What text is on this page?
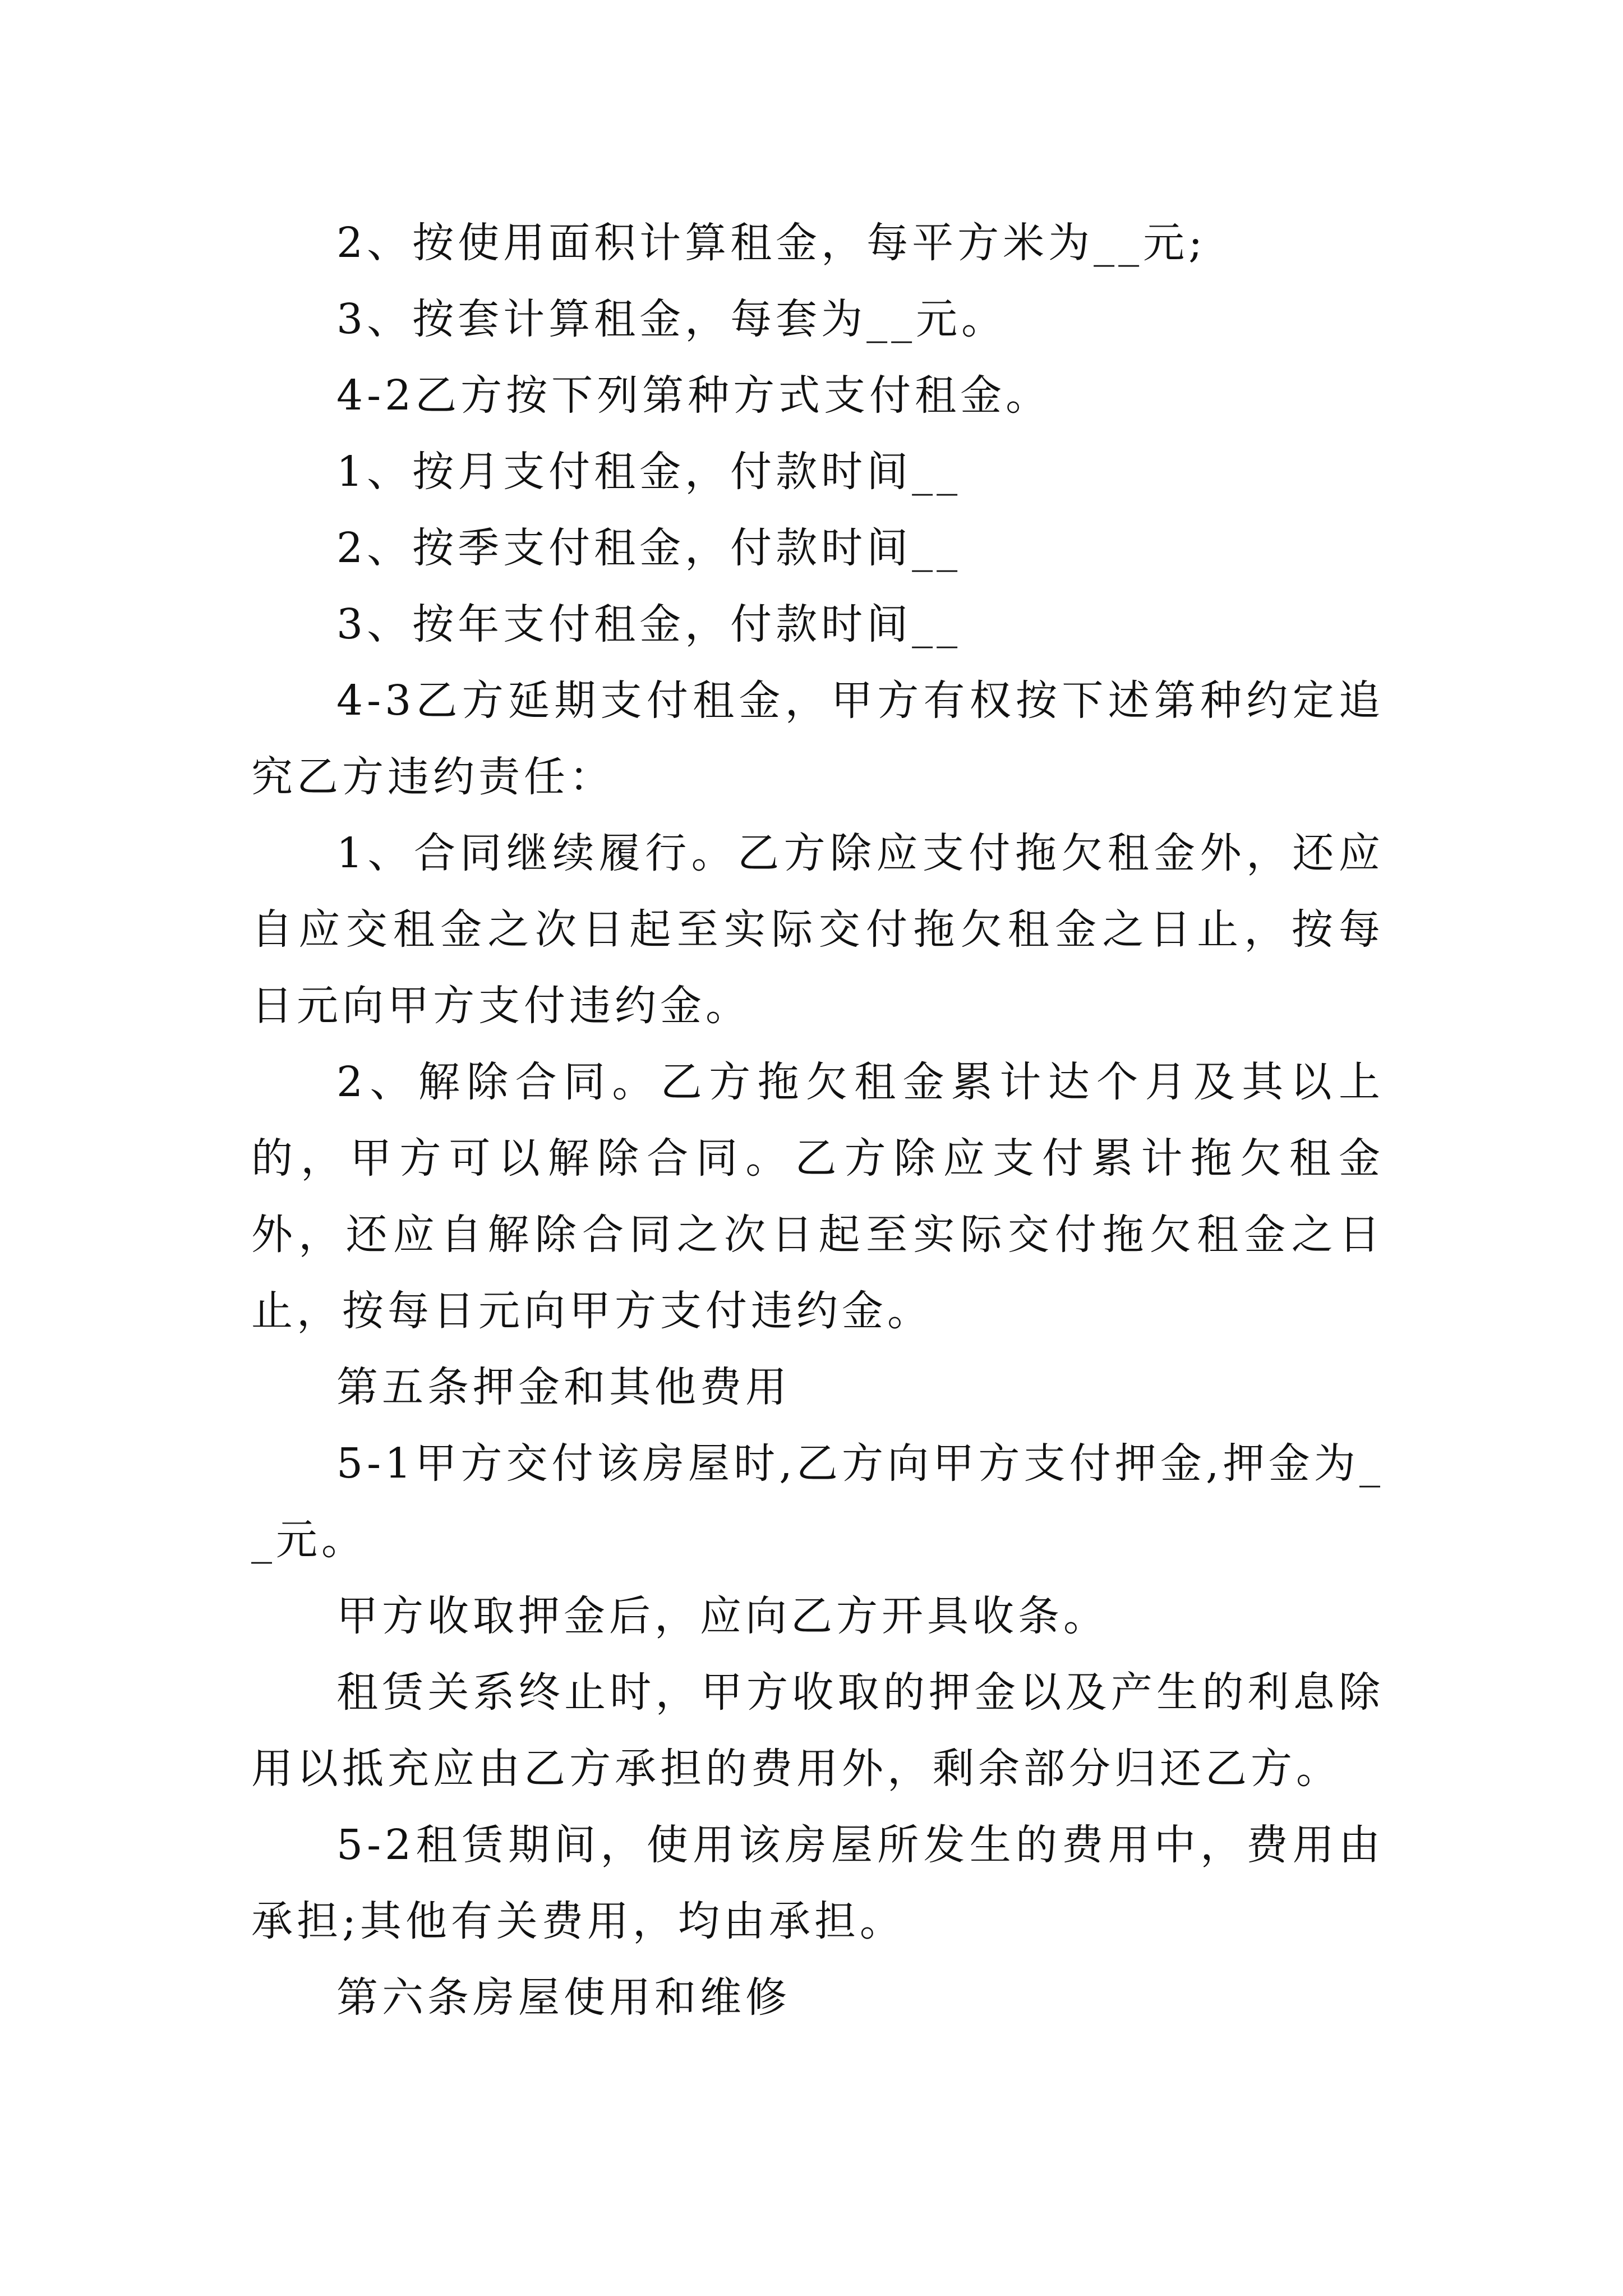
2、按使用面积计算租金，每平方米为__元;

3、按套计算租金，每套为__元。

4-2乙方按下列第种方式支付租金。

1、按月支付租金，付款时间__

2、按季支付租金，付款时间__

3、按年支付租金，付款时间__

4-3乙方延期支付租金，甲方有权按下述第种约定追究乙方违约责任：

1、合同继续履行。乙方除应支付拖欠租金外，还应自应交租金之次日起至实际交付拖欠租金之日止，按每日元向甲方支付违约金。

2、解除合同。乙方拖欠租金累计达个月及其以上的，甲方可以解除合同。乙方除应支付累计拖欠租金外，还应自解除合同之次日起至实际交付拖欠租金之日止，按每日元向甲方支付违约金。

第五条押金和其他费用

5-1甲方交付该房屋时,乙方向甲方支付押金,押金为__元。

甲方收取押金后，应向乙方开具收条。

租赁关系终止时，甲方收取的押金以及产生的利息除用以抵充应由乙方承担的费用外，剩余部分归还乙方。

5-2租赁期间，使用该房屋所发生的费用中，费用由承担;其他有关费用，均由承担。

第六条房屋使用和维修
